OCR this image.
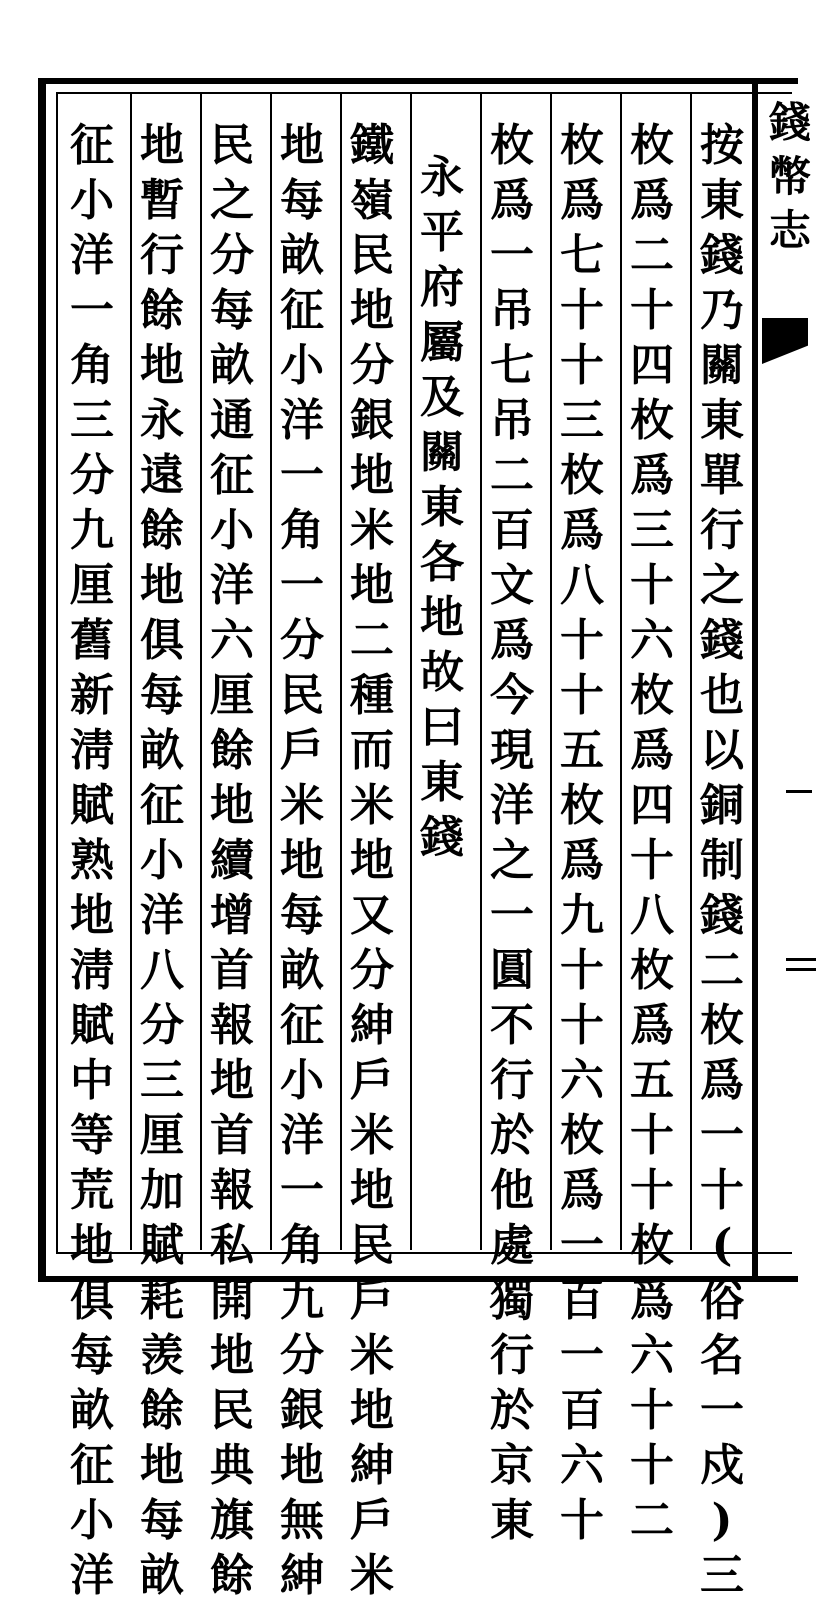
按
東
錢
乃
關
東
單
行
之
錢
也
以
銅
制
錢
二
枚
爲
一
十
(
俗
名
一
戍
)
三
枚
爲
二
十
四
枚
爲
三
十
六
枚
爲
四
十
八
枚
爲
五
十
十
枚
爲
六
十
十
二
枚
爲
七
十
十
三
枚
爲
八
十
十
五
枚
爲
九
十
十
六
枚
爲
一
百
一
百
六
十
枚
爲
一
吊
七
吊
二
百
文
爲
今
現
洋
之
一
圓
不
行
於
他
處
獨
行
於
京
東
永
平
府
屬
及
關
東
各
地
故
曰
東
錢
鐵
嶺
民
地
分
銀
地
米
地
二
種
而
米
地
又
分
紳
戶
米
地
民
戶
米
地
紳
戶
米
地
每
畝
征
小
洋
一
角
一
分
民
戶
米
地
每
畝
征
小
洋
一
角
九
分
銀
地
無
紳
民
之
分
每
畝
通
征
小
洋
六
厘
餘
地
續
增
首
報
地
首
報
私
開
地
民
典
旗
餘
地
暫
行
餘
地
永
遠
餘
地
俱
每
畝
征
小
洋
八
分
三
厘
加
賦
耗
羡
餘
地
每
畝
征
小
洋
一
角
三
分
九
厘
舊
新
淸
賦
熟
地
淸
賦
中
等
荒
地
俱
每
畝
征
小
洋
錢
幣
志
